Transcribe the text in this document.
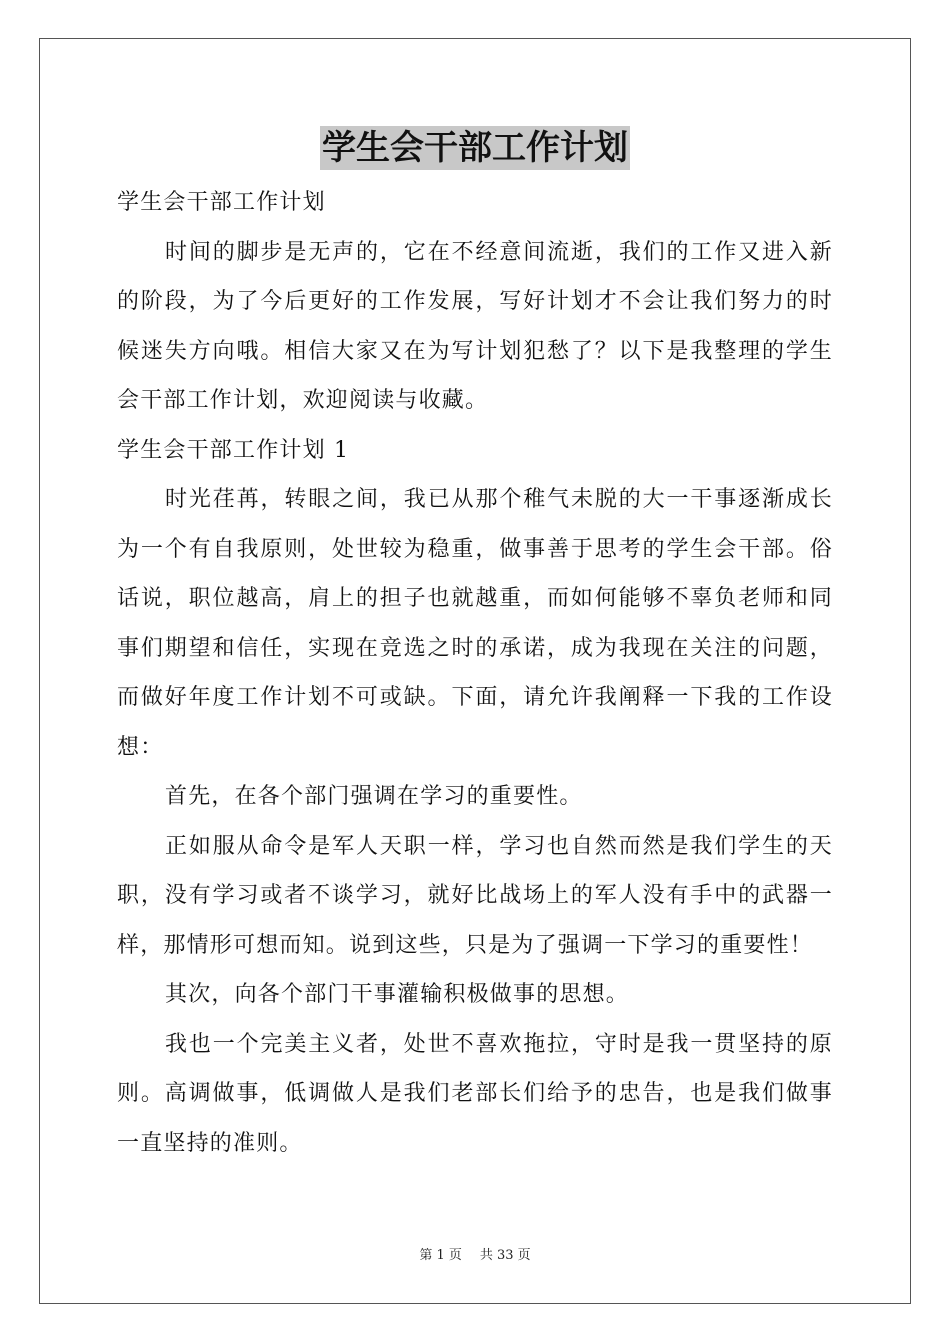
学生会干部工作计划

学生会干部工作计划

时间的脚步是无声的，它在不经意间流逝，我们的工作又进入新的阶段，为了今后更好的工作发展，写好计划才不会让我们努力的时候迷失方向哦。相信大家又在为写计划犯愁了？以下是我整理的学生会干部工作计划，欢迎阅读与收藏。

学生会干部工作计划 1

时光荏苒，转眼之间，我已从那个稚气未脱的大一干事逐渐成长为一个有自我原则，处世较为稳重，做事善于思考的学生会干部。俗话说，职位越高，肩上的担子也就越重，而如何能够不辜负老师和同事们期望和信任，实现在竞选之时的承诺，成为我现在关注的问题，而做好年度工作计划不可或缺。下面，请允许我阐释一下我的工作设想：

首先，在各个部门强调在学习的重要性。

正如服从命令是军人天职一样，学习也自然而然是我们学生的天职，没有学习或者不谈学习，就好比战场上的军人没有手中的武器一样，那情形可想而知。说到这些，只是为了强调一下学习的重要性！

其次，向各个部门干事灌输积极做事的思想。

我也一个完美主义者，处世不喜欢拖拉，守时是我一贯坚持的原则。高调做事，低调做人是我们老部长们给予的忠告，也是我们做事一直坚持的准则。

第 1 页 共 33 页
